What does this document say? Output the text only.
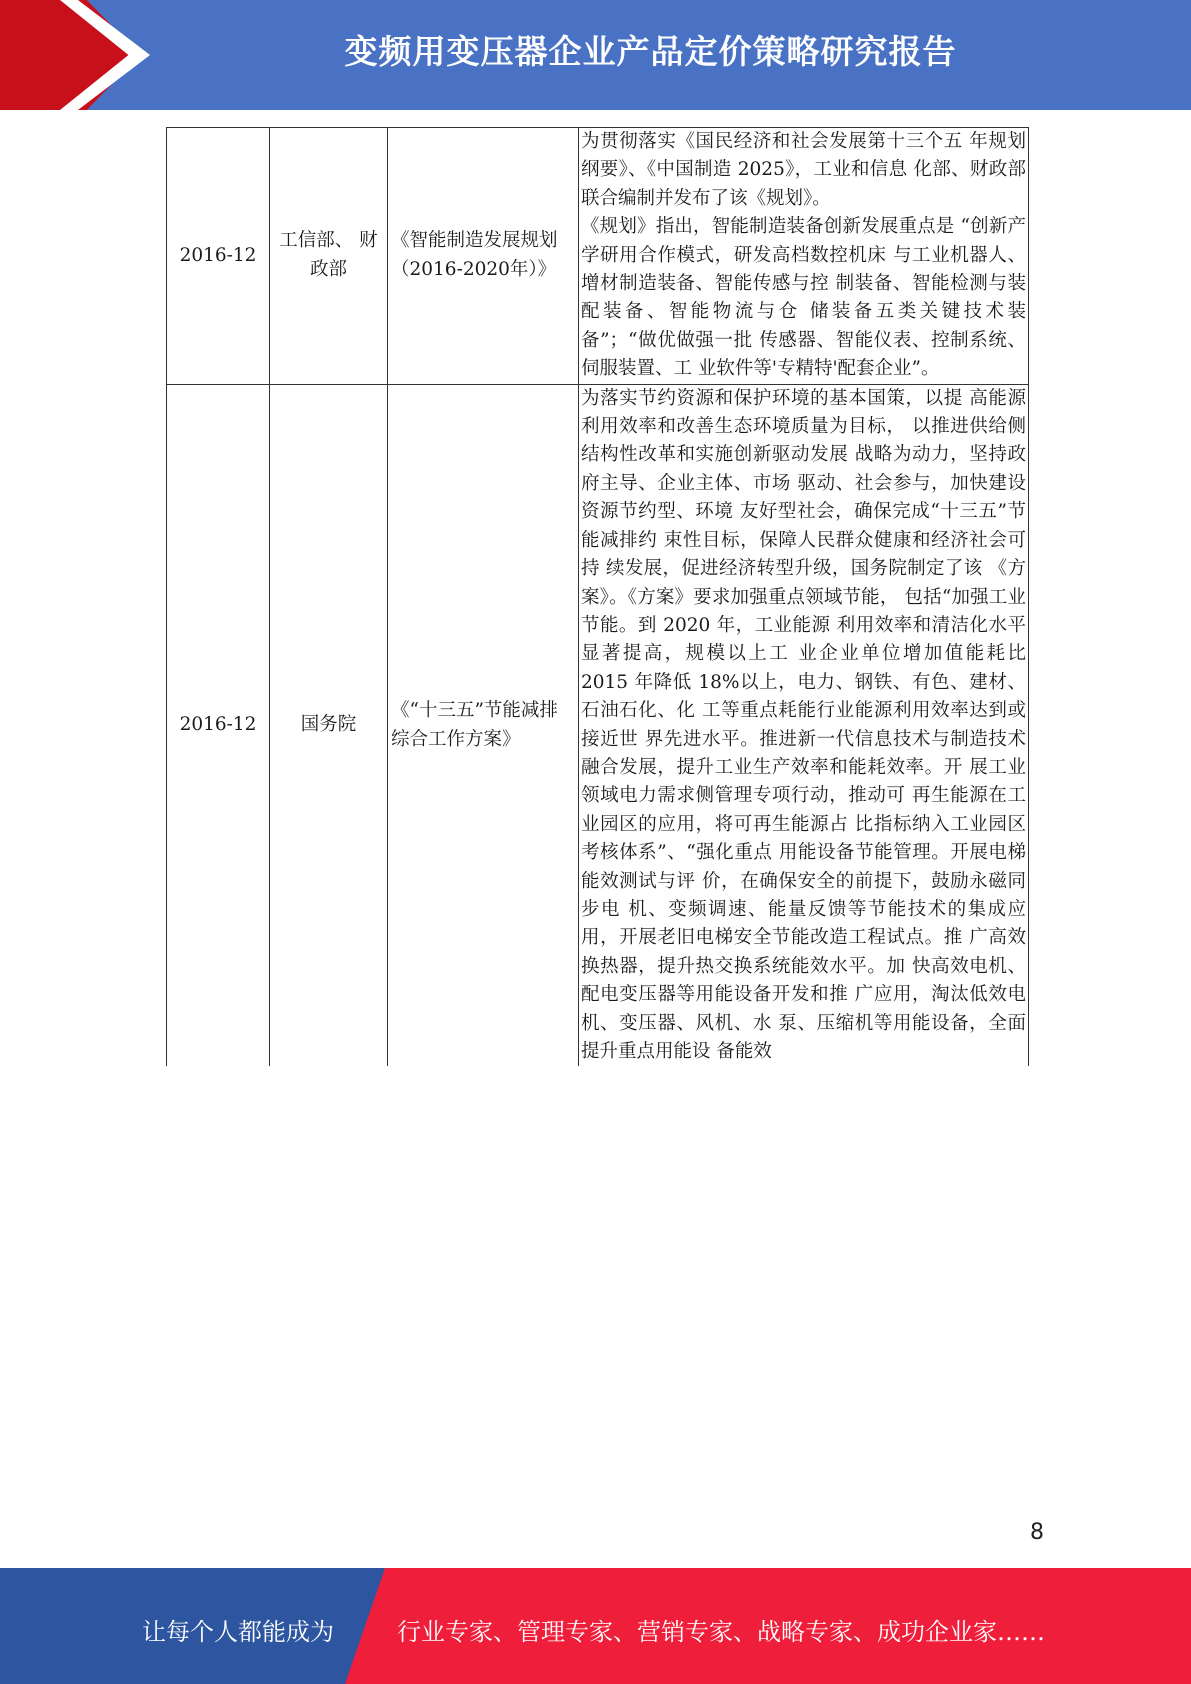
变频用变压器企业产品定价策略研究报告
2016-12	工信部、 财政部	《智能制造发展规划 （2016-2020年）》	为贯彻落实《国民经济和社会发展第十三个五 年规划纲要》、《中国制造 2025》，工业和信息 化部、财政部联合编制并发布了该《规划》。
《规划》指出，智能制造装备创新发展重点是 “创新产学研用合作模式，研发高档数控机床 与工业机器人、增材制造装备、智能传感与控 制装备、智能检测与装配装备、智能物流与仓 储装备五类关键技术装备”；“做优做强一批 传感器、智能仪表、控制系统、伺服装置、工 业软件等'专精特'配套企业”。

2016-12	国务院	《“十三五”节能减排综合工作方案》	为落实节约资源和保护环境的基本国策，以提 高能源利用效率和改善生态环境质量为目标， 以推进供给侧结构性改革和实施创新驱动发展 战略为动力，坚持政府主导、企业主体、市场 驱动、社会参与，加快建设资源节约型、环境 友好型社会，确保完成“十三五”节能减排约 束性目标，保障人民群众健康和经济社会可持 续发展，促进经济转型升级，国务院制定了该 《方案》。《方案》要求加强重点领域节能， 包括“加强工业节能。到 2020 年，工业能源 利用效率和清洁化水平显著提高，规模以上工 业企业单位增加值能耗比 2015 年降低 18%以上，电力、钢铁、有色、建材、石油石化、化 工等重点耗能行业能源利用效率达到或接近世 界先进水平。推进新一代信息技术与制造技术 融合发展，提升工业生产效率和能耗效率。开 展工业领域电力需求侧管理专项行动，推动可 再生能源在工业园区的应用，将可再生能源占 比指标纳入工业园区考核体系”、“强化重点 用能设备节能管理。开展电梯能效测试与评 价，在确保安全的前提下，鼓励永磁同步电 机、变频调速、能量反馈等节能技术的集成应 用，开展老旧电梯安全节能改造工程试点。推 广高效换热器，提升热交换系统能效水平。加 快高效电机、配电变压器等用能设备开发和推 广应用，淘汰低效电机、变压器、风机、水 泵、压缩机等用能设备，全面提升重点用能设 备能效
8
让每个人都能成为	行业专家、管理专家、营销专家、战略专家、成功企业家……
